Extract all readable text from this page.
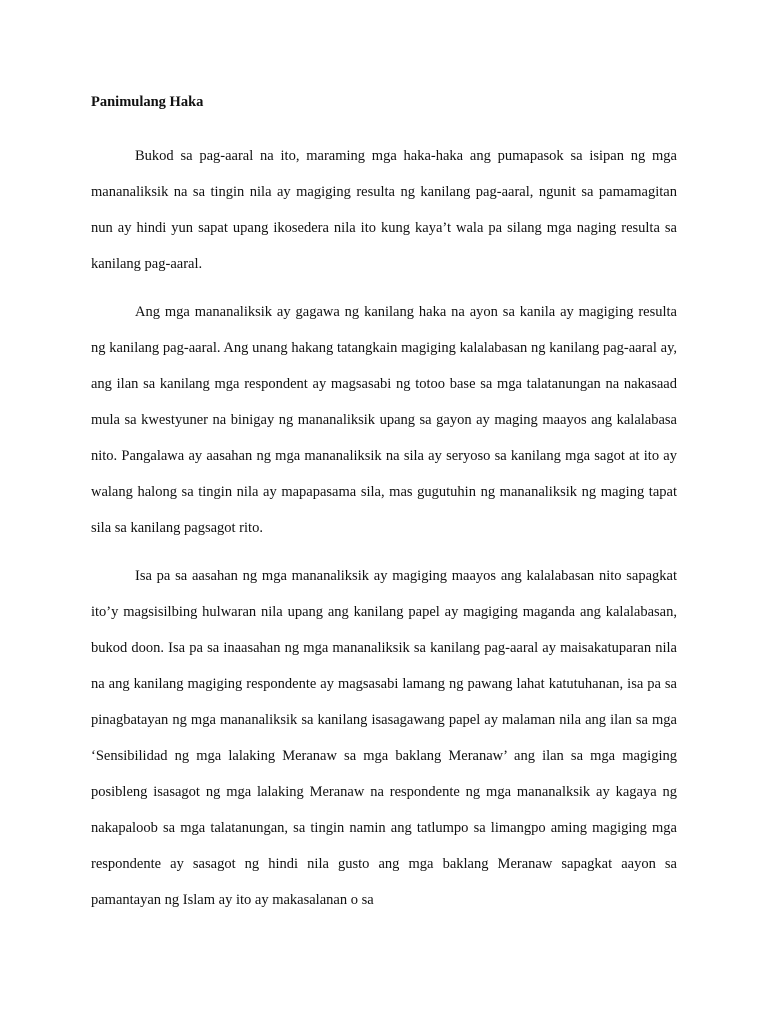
Panimulang Haka

Bukod sa pag-aaral na ito, maraming mga haka-haka ang pumapasok sa isipan ng mga mananaliksik na sa tingin nila ay magiging resulta ng kanilang pag-aaral, ngunit sa pamamagitan nun ay hindi yun sapat upang ikosedera nila ito kung kaya’t wala pa silang mga naging resulta sa kanilang pag-aaral.

Ang mga mananaliksik ay gagawa ng kanilang haka na ayon sa kanila ay magiging resulta ng kanilang pag-aaral. Ang unang hakang tatangkain magiging kalalabasan ng kanilang pag-aaral ay, ang ilan sa kanilang mga respondent ay magsasabi ng totoo base sa mga talatanungan na nakasaad mula sa kwestyuner na binigay ng mananaliksik upang sa gayon ay maging maayos ang kalalabasa nito. Pangalawa ay aasahan ng mga mananaliksik na sila ay seryoso sa kanilang mga sagot at ito ay walang halong sa tingin nila ay mapapasama sila, mas gugutuhin ng mananaliksik ng maging tapat sila sa kanilang pagsagot rito.

Isa pa sa aasahan ng mga mananaliksik ay magiging maayos ang kalalabasan nito sapagkat ito’y magsisilbing hulwaran nila upang ang kanilang papel ay magiging maganda ang kalalabasan, bukod doon. Isa pa sa inaasahan ng mga mananaliksik sa kanilang pag-aaral ay maisakatuparan nila na ang kanilang magiging respondente ay magsasabi lamang ng pawang lahat katutuhanan, isa pa sa pinagbatayan ng mga mananaliksik sa kanilang isasagawang papel ay malaman nila ang ilan sa mga ‘Sensibilidad ng mga lalaking Meranaw sa mga baklang Meranaw’ ang ilan sa mga magiging posibleng isasagot ng mga lalaking Meranaw na respondente ng mga mananalksik ay kagaya ng nakapaloob sa mga talatanungan, sa tingin namin ang tatlumpo sa limangpo aming magiging mga respondente ay sasagot ng hindi nila gusto ang mga baklang Meranaw sapagkat aayon sa pamantayan ng Islam ay ito ay makasalanan o sa
